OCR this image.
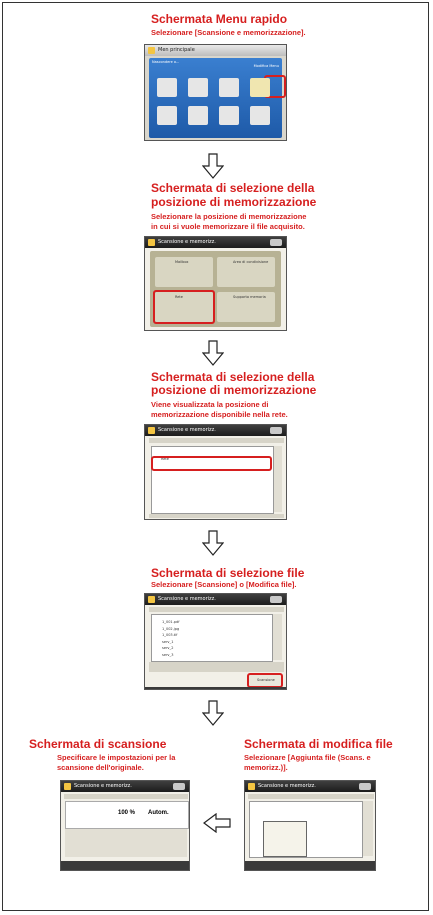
Schermata Menu rapido
Selezionare [Scansione e memorizzazione].
Men principale
Nascondere o...
Modifica Menu
Schermata di selezione della
posizione di memorizzazione
Selezionare la posizione di memorizzazione
in cui si vuole memorizzare il file acquisito.
Scansione e memorizz.
Mailbox	Area di condivisione
Rete	Supporto memoria
Schermata di selezione della
posizione di memorizzazione
Viene visualizzata la posizione di
memorizzazione disponibile nella rete.
Scansione e memorizz.
Rete
Schermata di selezione file
Selezionare [Scansione] o [Modifica file].
Scansione e memorizz.
1_001.pdf
1_002.jpg
1_003.tif
serv_1
serv_2
serv_3
Scansione
Schermata di scansione
Specificare le impostazioni per la
scansione dell'originale.
Scansione e memorizz.
100 % Autom.
Schermata di modifica file
Selezionare [Aggiunta file (Scans. e
memorizz.)].
Scansione e memorizz.
